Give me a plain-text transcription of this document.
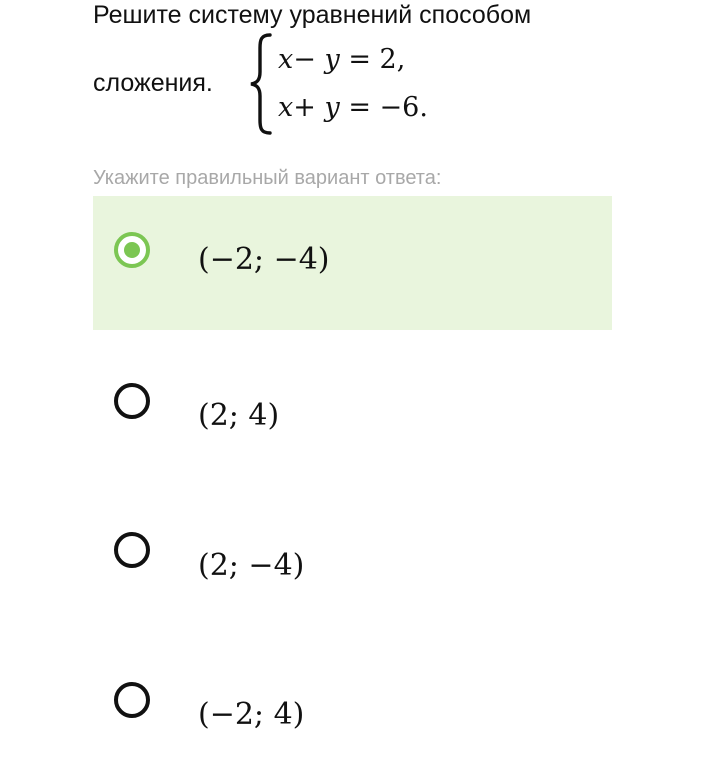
Решите систему уравнений способом
сложения.
x− y = 2,
x+ y = −6.
Укажите правильный вариант ответа:
(−2; −4)
(2; 4)
(2; −4)
(−2; 4)
